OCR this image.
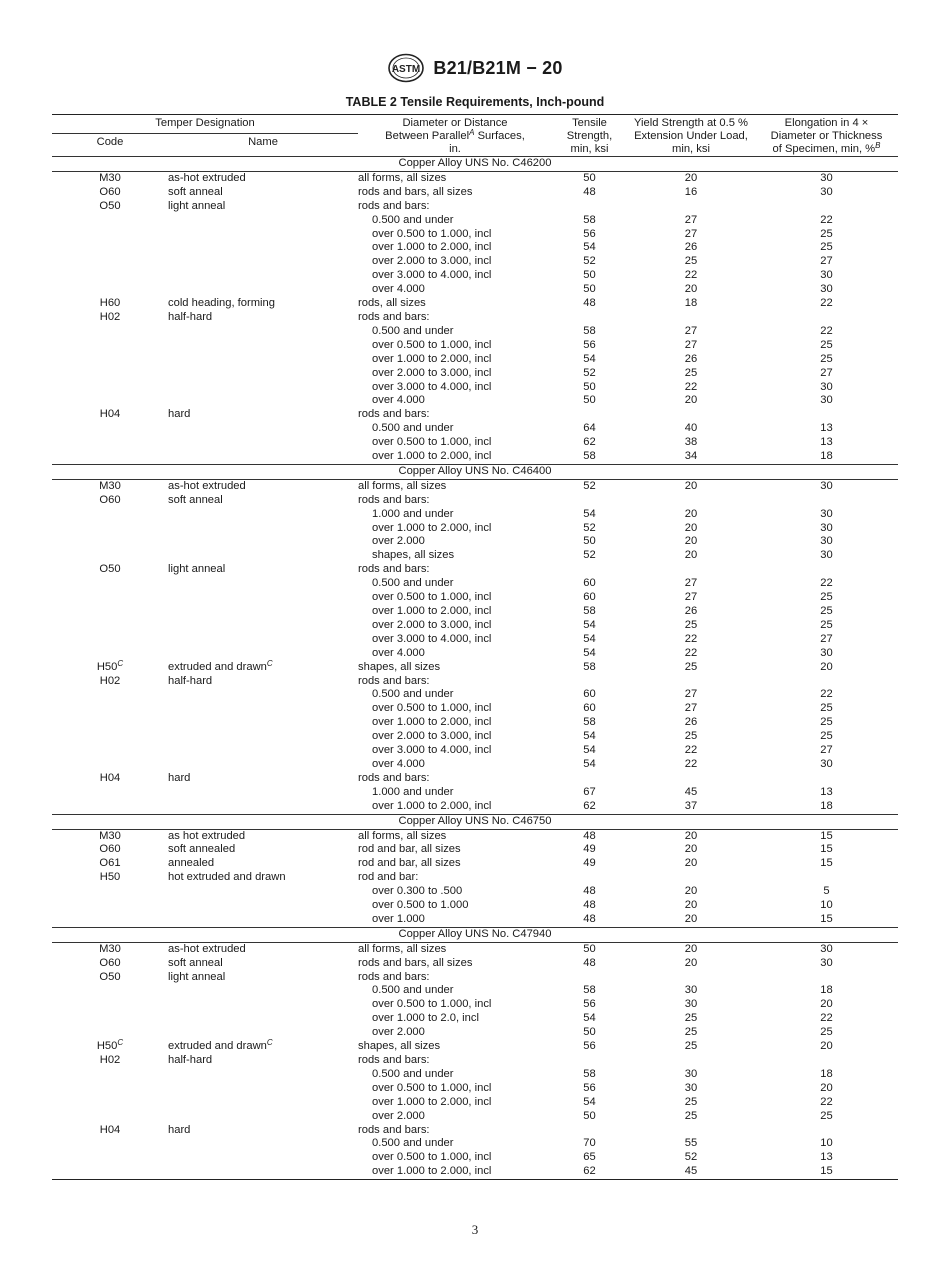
ASTM B21/B21M − 20
TABLE 2 Tensile Requirements, Inch-pound
Temper Designation		Diameter or Distance
Between Parallel$^A$ Surfaces,
in.	Tensile
Strength,
min, ksi	Yield Strength at 0.5 %
Extension Under Load,
min, ksi	Elongation in 4 ×
Diameter or Thickness
of Specimen, min, %$^B$
Code	Name				
Copper Alloy UNS No. C46200					
M30	as-hot extruded	all forms, all sizes	50	20	30
O60	soft anneal	rods and bars, all sizes	48	16	30
O50	light anneal	rods and bars:			
		0.500 and under	58	27	22
		over 0.500 to 1.000, incl	56	27	25
		over 1.000 to 2.000, incl	54	26	25
		over 2.000 to 3.000, incl	52	25	27
		over 3.000 to 4.000, incl	50	22	30
		over 4.000	50	20	30
H60	cold heading, forming	rods, all sizes	48	18	22
H02	half-hard	rods and bars:			
		0.500 and under	58	27	22
		over 0.500 to 1.000, incl	56	27	25
		over 1.000 to 2.000, incl	54	26	25
		over 2.000 to 3.000, incl	52	25	27
		over 3.000 to 4.000, incl	50	22	30
		over 4.000	50	20	30
H04	hard	rods and bars:			
		0.500 and under	64	40	13
		over 0.500 to 1.000, incl	62	38	13
		over 1.000 to 2.000, incl	58	34	18
Copper Alloy UNS No. C46400					
M30	as-hot extruded	all forms, all sizes	52	20	30
O60	soft anneal	rods and bars:			
		1.000 and under	54	20	30
		over 1.000 to 2.000, incl	52	20	30
		over 2.000	50	20	30
		shapes, all sizes	52	20	30
O50	light anneal	rods and bars:			
		0.500 and under	60	27	22
		over 0.500 to 1.000, incl	60	27	25
		over 1.000 to 2.000, incl	58	26	25
		over 2.000 to 3.000, incl	54	25	25
		over 3.000 to 4.000, incl	54	22	27
		over 4.000	54	22	30
$H50^C$	extruded and drawn$^C$	shapes, all sizes	58	25	20
H02	half-hard	rods and bars:			
		0.500 and under	60	27	22
		over 0.500 to 1.000, incl	60	27	25
		over 1.000 to 2.000, incl	58	26	25
		over 2.000 to 3.000, incl	54	25	25
		over 3.000 to 4.000, incl	54	22	27
		over 4.000	54	22	30
H04	hard	rods and bars:			
		1.000 and under	67	45	13
		over 1.000 to 2.000, incl	62	37	18
Copper Alloy UNS No. C46750					
M30	as hot extruded	all forms, all sizes	48	20	15
O60	soft annealed	rod and bar, all sizes	49	20	15
O61	annealed	rod and bar, all sizes	49	20	15
H50	hot extruded and drawn	rod and bar:			
		over 0.300 to .500	48	20	5
		over 0.500 to 1.000	48	20	10
		over 1.000	48	20	15
Copper Alloy UNS No. C47940					
M30	as-hot extruded	all forms, all sizes	50	20	30
O60	soft anneal	rods and bars, all sizes	48	20	30
O50	light anneal	rods and bars:			
		0.500 and under	58	30	18
		over 0.500 to 1.000, incl	56	30	20
		over 1.000 to 2.0, incl	54	25	22
		over 2.000	50	25	25
$H50^C$	extruded and drawn$^C$	shapes, all sizes	56	25	20
H02	half-hard	rods and bars:			
		0.500 and under	58	30	18
		over 0.500 to 1.000, incl	56	30	20
		over 1.000 to 2.000, incl	54	25	22
		over 2.000	50	25	25
H04	hard	rods and bars:			
		0.500 and under	70	55	10
		over 0.500 to 1.000, incl	65	52	13
		over 1.000 to 2.000, incl	62	45	15
3
